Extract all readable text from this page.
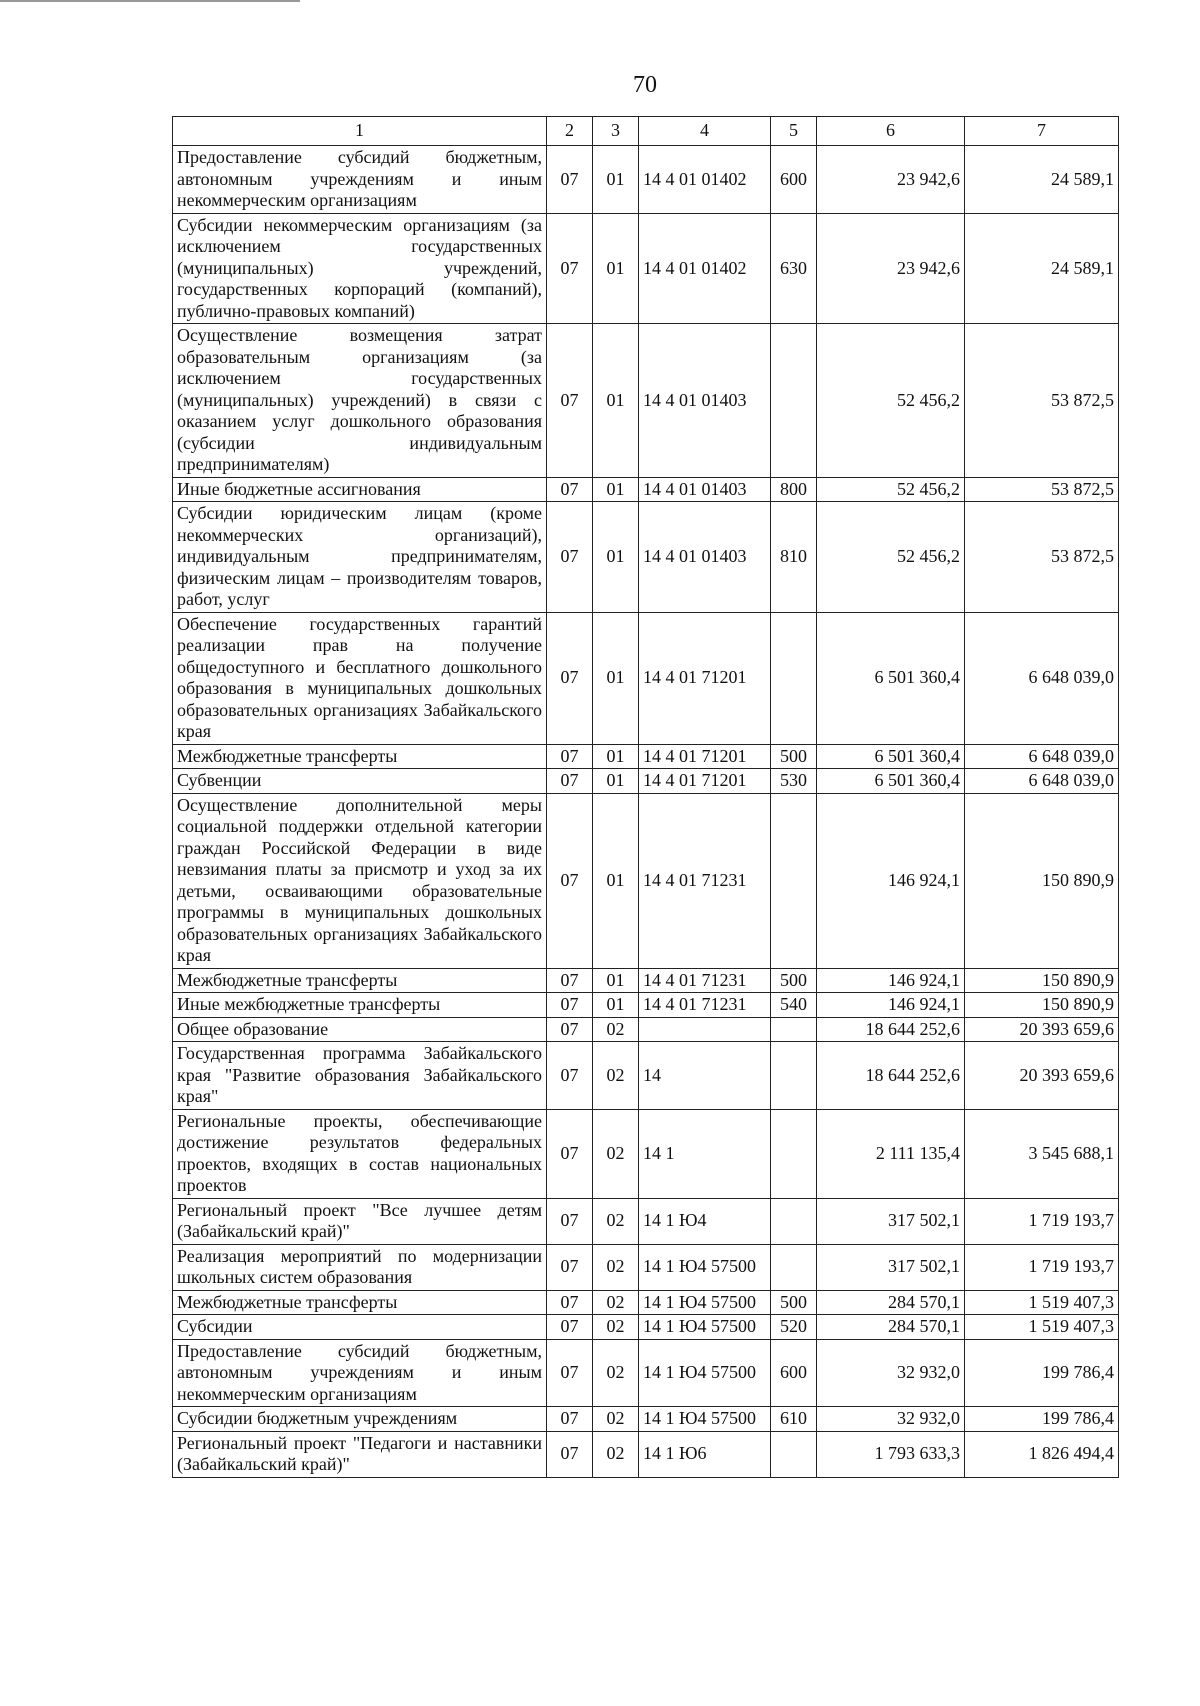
70
1	2	3	4	5	6	7
Предоставление субсидий бюджетным, автономным учреждениям и иным некоммерческим организациям	07	01	14 4 01 01402	600	23 942,6	24 589,1
Субсидии некоммерческим организациям (за исключением государственных (муниципальных) учреждений, государственных корпораций (компаний), публично-правовых компаний)	07	01	14 4 01 01402	630	23 942,6	24 589,1
Осуществление возмещения затрат образовательным организациям (за исключением государственных (муниципальных) учреждений) в связи с оказанием услуг дошкольного образования (субсидии индивидуальным предпринимателям)	07	01	14 4 01 01403		52 456,2	53 872,5
Иные бюджетные ассигнования	07	01	14 4 01 01403	800	52 456,2	53 872,5
Субсидии юридическим лицам (кроме некоммерческих организаций), индивидуальным предпринимателям, физическим лицам – производителям товаров, работ, услуг	07	01	14 4 01 01403	810	52 456,2	53 872,5
Обеспечение государственных гарантий реализации прав на получение общедоступного и бесплатного дошкольного образования в муниципальных дошкольных образовательных организациях Забайкальского края	07	01	14 4 01 71201		6 501 360,4	6 648 039,0
Межбюджетные трансферты	07	01	14 4 01 71201	500	6 501 360,4	6 648 039,0
Субвенции	07	01	14 4 01 71201	530	6 501 360,4	6 648 039,0
Осуществление дополнительной меры социальной поддержки отдельной категории граждан Российской Федерации в виде невзимания платы за присмотр и уход за их детьми, осваивающими образовательные программы в муниципальных дошкольных образовательных организациях Забайкальского края	07	01	14 4 01 71231		146 924,1	150 890,9
Межбюджетные трансферты	07	01	14 4 01 71231	500	146 924,1	150 890,9
Иные межбюджетные трансферты	07	01	14 4 01 71231	540	146 924,1	150 890,9
Общее образование	07	02			18 644 252,6	20 393 659,6
Государственная программа Забайкальского края "Развитие образования Забайкальского края"	07	02	14		18 644 252,6	20 393 659,6
Региональные проекты, обеспечивающие достижение результатов федеральных проектов, входящих в состав национальных проектов	07	02	14 1		2 111 135,4	3 545 688,1
Региональный проект "Все лучшее детям (Забайкальский край)"	07	02	14 1 Ю4		317 502,1	1 719 193,7
Реализация мероприятий по модернизации школьных систем образования	07	02	14 1 Ю4 57500		317 502,1	1 719 193,7
Межбюджетные трансферты	07	02	14 1 Ю4 57500	500	284 570,1	1 519 407,3
Субсидии	07	02	14 1 Ю4 57500	520	284 570,1	1 519 407,3
Предоставление субсидий бюджетным, автономным учреждениям и иным некоммерческим организациям	07	02	14 1 Ю4 57500	600	32 932,0	199 786,4
Субсидии бюджетным учреждениям	07	02	14 1 Ю4 57500	610	32 932,0	199 786,4
Региональный проект "Педагоги и наставники (Забайкальский край)"	07	02	14 1 Ю6		1 793 633,3	1 826 494,4
